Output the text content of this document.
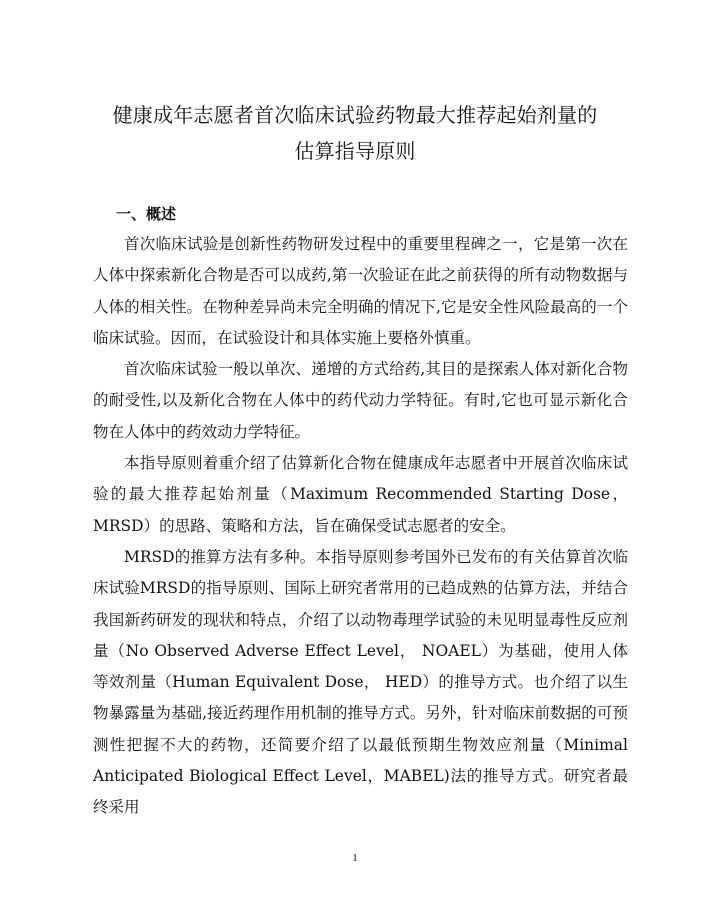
健康成年志愿者首次临床试验药物最大推荐起始剂量的
估算指导原则
一、概述

首次临床试验是创新性药物研发过程中的重要里程碑之一，它是第一次在人体中探索新化合物是否可以成药,第一次验证在此之前获得的所有动物数据与人体的相关性。在物种差异尚未完全明确的情况下,它是安全性风险最高的一个临床试验。因而，在试验设计和具体实施上要格外慎重。

首次临床试验一般以单次、递增的方式给药,其目的是探索人体对新化合物的耐受性,以及新化合物在人体中的药代动力学特征。有时,它也可显示新化合物在人体中的药效动力学特征。

本指导原则着重介绍了估算新化合物在健康成年志愿者中开展首次临床试验的最大推荐起始剂量（Maximum Recommended Starting Dose，MRSD）的思路、策略和方法，旨在确保受试志愿者的安全。

MRSD的推算方法有多种。本指导原则参考国外已发布的有关估算首次临床试验MRSD的指导原则、国际上研究者常用的已趋成熟的估算方法，并结合我国新药研发的现状和特点，介绍了以动物毒理学试验的未见明显毒性反应剂量（No Observed Adverse Effect Level， NOAEL）为基础，使用人体等效剂量（Human Equivalent Dose， HED）的推导方式。也介绍了以生物暴露量为基础,接近药理作用机制的推导方式。另外，针对临床前数据的可预测性把握不大的药物，还简要介绍了以最低预期生物效应剂量（Minimal Anticipated Biological Effect Level，MABEL)法的推导方式。研究者最终采用

1
